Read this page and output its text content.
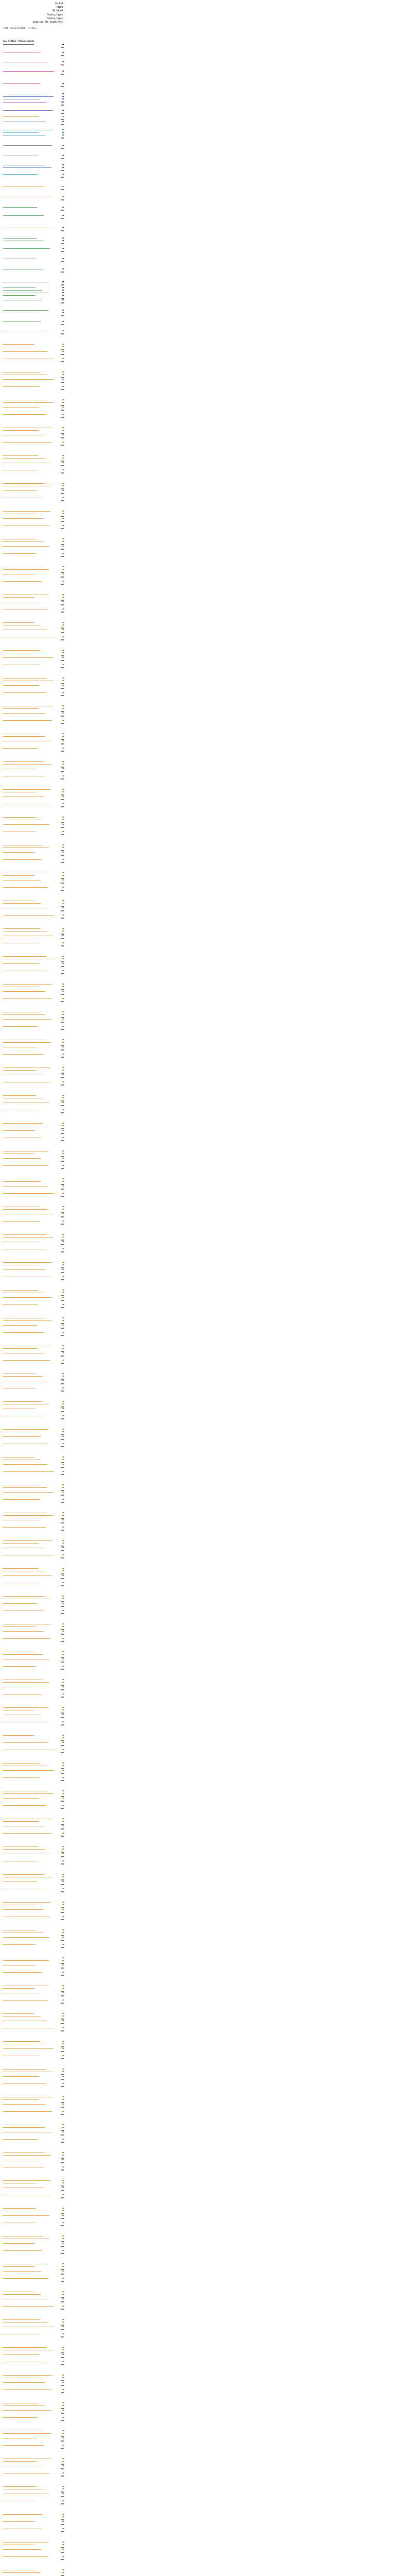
20 K/W
v6000
01.03.09
Totals_Types
Totals_Types
Exterior Ttl Counts/Ref
Totals/Counts/Ref. Fl.Req.
ALL STYLES Totals/Counts
